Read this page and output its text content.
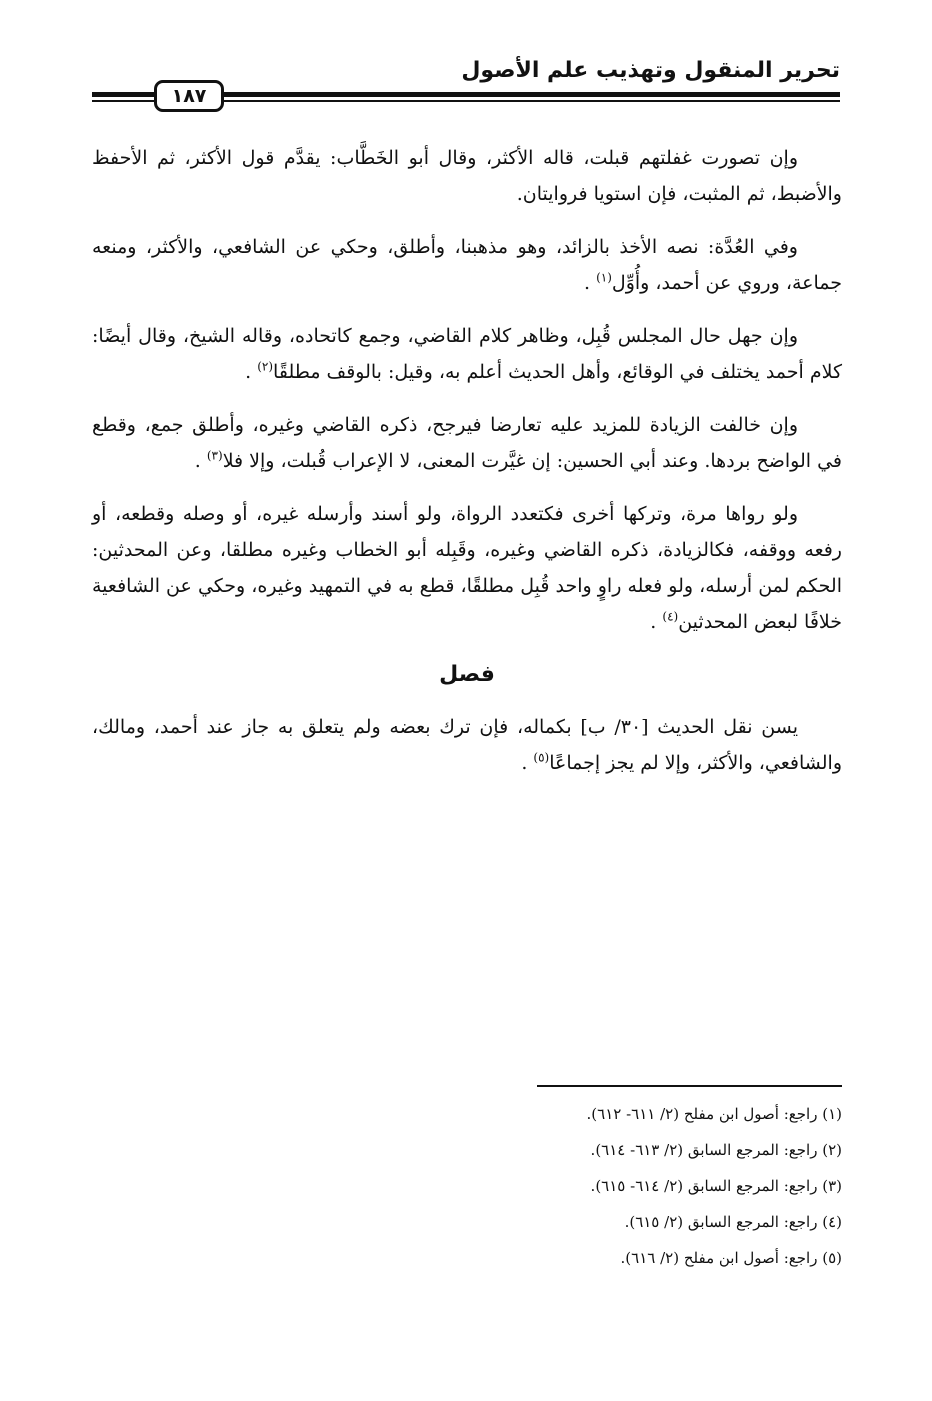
تحرير المنقول وتهذيب علم الأصول
١٨٧

وإن تصورت غفلتهم قبلت، قاله الأكثر، وقال أبو الخَطَّاب: يقدَّم قول الأكثر، ثم الأحفظ والأضبط، ثم المثبت، فإن استويا فروايتان.

وفي العُدَّة: نصه الأخذ بالزائد، وهو مذهبنا، وأطلق، وحكي عن الشافعي، والأكثر، ومنعه جماعة، وروي عن أحمد، وأُوِّل$^{(١)}$ .

وإن جهل حال المجلس قُبِل، وظاهر كلام القاضي، وجمع كاتحاده، وقاله الشيخ، وقال أيضًا: كلام أحمد يختلف في الوقائع، وأهل الحديث أعلم به، وقيل: بالوقف مطلقًا$^{(٢)}$ .

وإن خالفت الزيادة للمزيد عليه تعارضا فيرجح، ذكره القاضي وغيره، وأطلق جمع، وقطع في الواضح بردها. وعند أبي الحسين: إن غيَّرت المعنى، لا الإعراب قُبلت، وإلا فلا$^{(٣)}$ .

ولو رواها مرة، وتركها أخرى فكتعدد الرواة، ولو أسند وأرسله غيره، أو وصله وقطعه، أو رفعه ووقفه، فكالزيادة، ذكره القاضي وغيره، وقَبِله أبو الخطاب وغيره مطلقا، وعن المحدثين: الحكم لمن أرسله، ولو فعله راوٍ واحد قُبِل مطلقًا، قطع به في التمهيد وغيره، وحكي عن الشافعية خلافًا لبعض المحدثين$^{(٤)}$ .

فصل

يسن نقل الحديث [٣٠/ ب] بكماله، فإن ترك بعضه ولم يتعلق به جاز عند أحمد، ومالك، والشافعي، والأكثر، وإلا لم يجز إجماعًا$^{(٥)}$ .

(١) راجع: أصول ابن مفلح (٢/ ٦١١- ٦١٢).
(٢) راجع: المرجع السابق (٢/ ٦١٣- ٦١٤).
(٣) راجع: المرجع السابق (٢/ ٦١٤- ٦١٥).
(٤) راجع: المرجع السابق (٢/ ٦١٥).
(٥) راجع: أصول ابن مفلح (٢/ ٦١٦).
